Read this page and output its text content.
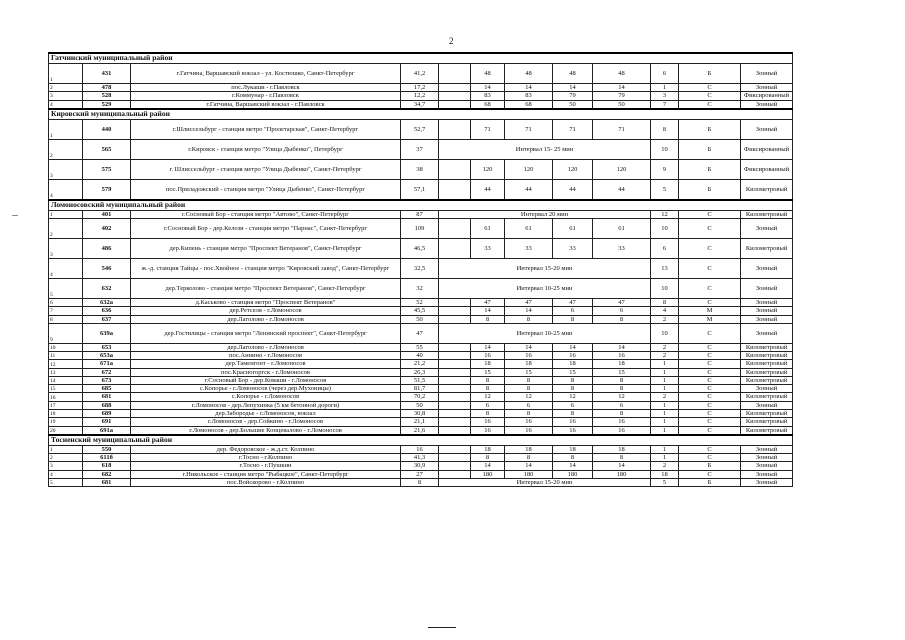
2
Гатчинский муниципальный район												
1	431	г.Гатчина, Варшавский вокзал - ул. Костюшко, Санкт-Петербург	41,2		48	48	48	48	6	Б	Зонный	
2	478	пос.Лукаши - г.Павловск	17,2		14	14	14	14	1	С	Зонный	
3	528	г.Коммунар - г.Павловск	12,2		83	83	79	79	3	С	Фиксированный	
4	529	г.Гатчина, Варшавский вокзал - г.Павловск	34,7		68	68	50	50	7	С	Зонный	
Кировский муниципальный район												
1	440	г.Шлиссельбург - станция метро "Пролетарская", Санкт-Петербург	52,7		71	71	71	71	8	Б	Зонный	
2	565	г.Кировск - станция метро "Улица Дыбенко", Петербург	37	Интервал 15- 25 мин					10	Б	Фиксированный	
3	575	г. Шлиссельбург - станция метро "Улица Дыбенко", Санкт-Петербург	38		120	120	120	120	9	Б	Фиксированный	
4	579	пос.Приладожский - станция метро "Улица Дыбенко", Санкт-Петербург	57,1		44	44	44	44	5	Б	Километровый	
Ломоносовский муниципальный район												
1	401	г.Сосновый Бор - станция метро "Автово", Санкт-Петербург	87	Интервал 20 мин					12	С	Километровый	
2	402	г.Сосновый Бор - дер.Келози - станция метро "Парнас", Санкт-Петербург	109		61	61	61	61	10	С	Зонный	
3	486	дер.Кипень - станция метро "Проспект Ветеранов", Санкт-Петербург	46,5		33	33	33	33	6	С	Километровый	
4	546	ж.-д. станция Тайцы - пос.Хвойное - станция метро "Кировский завод", Санкт-Петербург	32,5	Интервал 15-20 мин					13	С	Зонный	
5	632	дер.Терколово - станция метро "Проспект Ветеранов", Санкт-Петербург	32	Интервал 10-25 мин					10	С	Зонный	
6	632а	д.Каськово - станция метро "Проспект Ветеранов"	52		47	47	47	47	8	С	Зонный	
7	636	дер.Ретселя - г.Ломоносов	45,5		14	14	6	6	4	М	Зонный	
8	637	дер.Лаголово - г.Ломоносов	50		8	8	8	8	2	М	Зонный	
9	639а	дер.Гостилицы - станция метро "Ленинский проспект", Санкт-Петербург	47	Интервал 10-25 мин					10	С	Зонный	
10	653	дер.Лаголово - г.Ломоносов	55		14	14	14	14	2	С	Километровый	
11	653а	пос.Аннино - г.Ломоносов	40		16	16	16	16	2	С	Километровый	
12	671а	дер.Таменгонт - г.Ломоносов	21,2		18	18	18	18	1	С	Километровый	
13	672	пос.Красногоргск - г.Ломоносов	26,3		15	15	15	15	1	С	Километровый	
14	673	г.Сосновый Бор - дер.Коваши - г.Ломоносов	51,5		8	8	8	8	1	С	Километровый	
15	685	с.Копорье - г.Ломоносов (через дер.Мухоницы)	81,7		8	8	8	8	1	С	Зонный	
16	681	с.Копорье - г.Ломоносов	70,2		12	12	12	12	2	С	Километровый	
17	688	г.Ломоносов - дер.Лепухинка (5 км бетонной дороги)	50		6	6	6	6	1	С	Зонный	
18	689	дер.Забородье - г.Ломоносов, вокзал	30,8		8	8	8	8	1	С	Километровый	
19	691	г.Ломоносов - дер.Сойкино - г.Ломоносов	21,1		16	16	16	16	1	С	Километровый	
20	691а	г.Ломоносов - дер.Большие Концевалово - г.Ломоносов	21,6		16	16	16	16	1	С	Километровый	
Тосненский муниципальный район												
1	550	дер. Федоровское - ж.д.ст. Колпино	16		18	18	18	18	1	С	Зонный	
2	611б	г.Тосно - г.Колпино	41,3		8	8	8	8	1	С	Зонный	
3	618	г.Тосно - г.Пушкин	30,9		14	14	14	14	2	Б	Зонный	
4	682	г.Никольское - станция метро "Рыбацкое", Санкт-Петербург	27		180	180	180	180	18	С	Зонный	
5	681	пос.Войскорово - г.Колпино	8	Интервал 15-20 мин					5	Б	Зонный	
